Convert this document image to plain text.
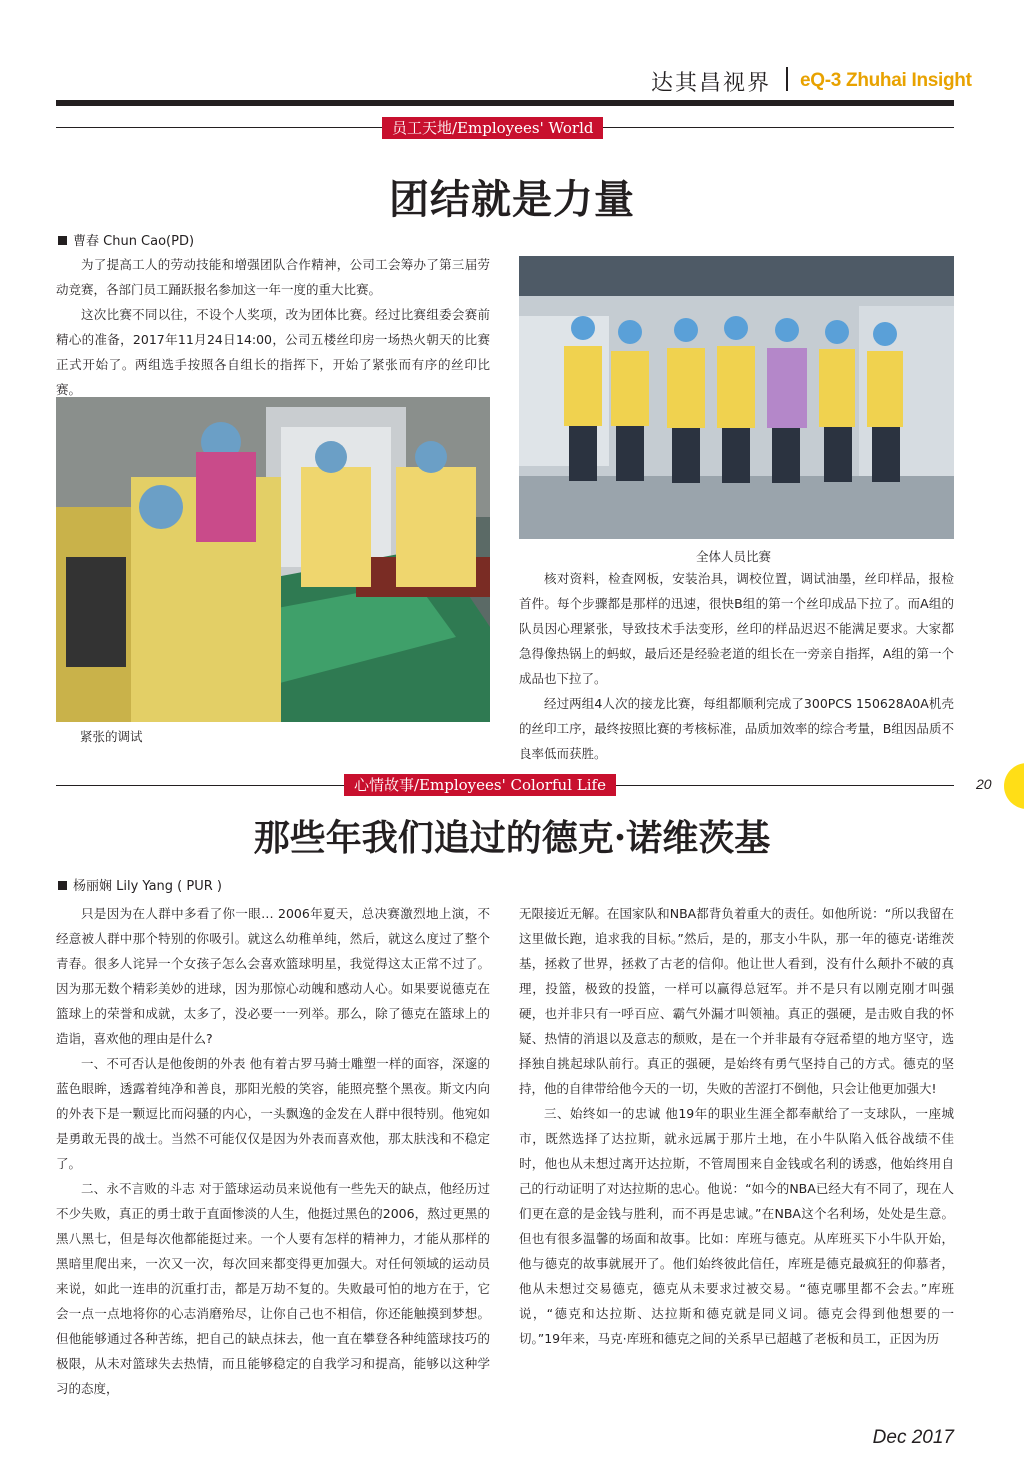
达其昌视界 eQ-3 Zhuhai Insight
员工天地/Employees' World
团结就是力量
曹春 Chun Cao(PD)

为了提高工人的劳动技能和增强团队合作精神，公司工会筹办了第三届劳动竞赛，各部门员工踊跃报名参加这一年一度的重大比赛。

这次比赛不同以往，不设个人奖项，改为团体比赛。经过比赛组委会赛前精心的准备，2017年11月24日14:00，公司五楼丝印房一场热火朝天的比赛正式开始了。两组选手按照各自组长的指挥下，开始了紧张而有序的丝印比赛。

紧张的调试
全体人员比赛

核对资料，检查网板，安装治具，调校位置，调试油墨，丝印样品，报检首件。每个步骤都是那样的迅速，很快B组的第一个丝印成品下拉了。而A组的队员因心理紧张，导致技术手法变形，丝印的样品迟迟不能满足要求。大家都急得像热锅上的蚂蚁，最后还是经验老道的组长在一旁亲自指挥，A组的第一个成品也下拉了。

经过两组4人次的接龙比赛，每组都顺利完成了300PCS 150628A0A机壳的丝印工序，最终按照比赛的考核标准，品质加效率的综合考量，B组因品质不良率低而获胜。

20
心情故事/Employees' Colorful Life
那些年我们追过的德克·诺维茨基
杨丽娴 Lily Yang ( PUR )

只是因为在人群中多看了你一眼… 2006年夏天，总决赛激烈地上演，不经意被人群中那个特别的你吸引。就这么幼稚单纯，然后，就这么度过了整个青春。很多人诧异一个女孩子怎么会喜欢篮球明星，我觉得这太正常不过了。因为那无数个精彩美妙的进球，因为那惊心动魄和感动人心。如果要说德克在篮球上的荣誉和成就，太多了，没必要一一列举。那么，除了德克在篮球上的造诣，喜欢他的理由是什么?

一、不可否认是他俊朗的外表 他有着古罗马骑士雕塑一样的面容，深邃的蓝色眼眸，透露着纯净和善良，那阳光般的笑容，能照亮整个黑夜。斯文内向的外表下是一颗逗比而闷骚的内心，一头飘逸的金发在人群中很特别。他宛如是勇敢无畏的战士。当然不可能仅仅是因为外表而喜欢他，那太肤浅和不稳定了。

二、永不言败的斗志 对于篮球运动员来说他有一些先天的缺点，他经历过不少失败，真正的勇士敢于直面惨淡的人生，他挺过黑色的2006，熬过更黑的黑八黑七，但是每次他都能挺过来。一个人要有怎样的精神力，才能从那样的黑暗里爬出来，一次又一次，每次回来都变得更加强大。对任何领域的运动员来说，如此一连串的沉重打击，都是万劫不复的。失败最可怕的地方在于，它会一点一点地将你的心志消磨殆尽，让你自己也不相信，你还能触摸到梦想。但他能够通过各种苦练，把自己的缺点抹去，他一直在攀登各种纯篮球技巧的极限，从未对篮球失去热情，而且能够稳定的自我学习和提高，能够以这种学习的态度，

无限接近无解。在国家队和NBA都背负着重大的责任。如他所说：“所以我留在这里做长跑，追求我的目标。”然后，是的，那支小牛队，那一年的德克·诺维茨基，拯救了世界，拯救了古老的信仰。他让世人看到，没有什么颠扑不破的真理，投篮，极致的投篮，一样可以赢得总冠军。并不是只有以刚克刚才叫强硬，也并非只有一呼百应、霸气外漏才叫领袖。真正的强硬，是击败自我的怀疑、热情的消退以及意志的颓败，是在一个并非最有夺冠希望的地方坚守，选择独自挑起球队前行。真正的强硬，是始终有勇气坚持自己的方式。德克的坚持，他的自律带给他今天的一切，失败的苦涩打不倒他，只会让他更加强大!

三、始终如一的忠诚 他19年的职业生涯全都奉献给了一支球队，一座城市，既然选择了达拉斯，就永远属于那片土地，在小牛队陷入低谷战绩不佳时，他也从未想过离开达拉斯，不管周围来自金钱或名利的诱惑，他始终用自己的行动证明了对达拉斯的忠心。他说：“如今的NBA已经大有不同了，现在人们更在意的是金钱与胜利，而不再是忠诚。”在NBA这个名利场，处处是生意。但也有很多温馨的场面和故事。比如：库班与德克。从库班买下小牛队开始，他与德克的故事就展开了。他们始终彼此信任，库班是德克最疯狂的仰慕者，他从未想过交易德克，德克从未要求过被交易。“德克哪里都不会去。”库班说，“德克和达拉斯、达拉斯和德克就是同义词。德克会得到他想要的一切。”19年来，马克·库班和德克之间的关系早已超越了老板和员工，正因为历

Dec 2017
